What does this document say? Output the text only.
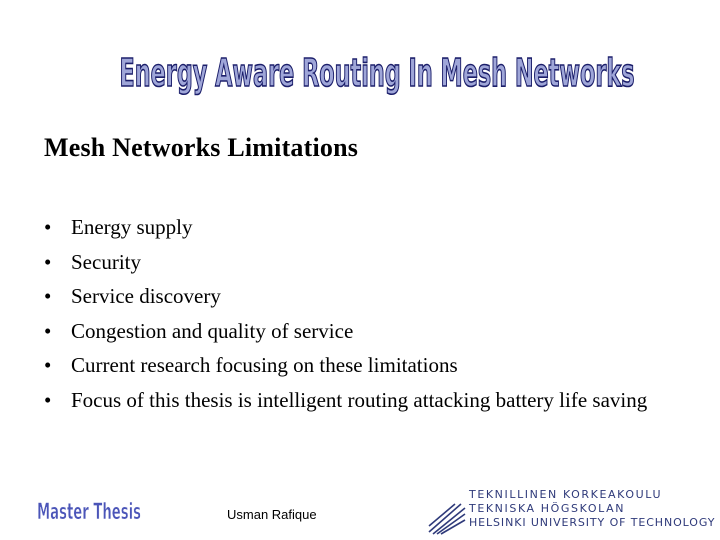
Energy Aware Routing In Mesh Networks
Mesh Networks Limitations
• Energy supply
• Security
• Service discovery
• Congestion and quality of service
• Current research focusing on these limitations
• Focus of this thesis is intelligent routing attacking battery life saving
Master Thesis	Usman Rafique
TEKNILLINEN KORKEAKOULU
TEKNISKA HÖGSKOLAN
HELSINKI UNIVERSITY OF TECHNOLOGY
